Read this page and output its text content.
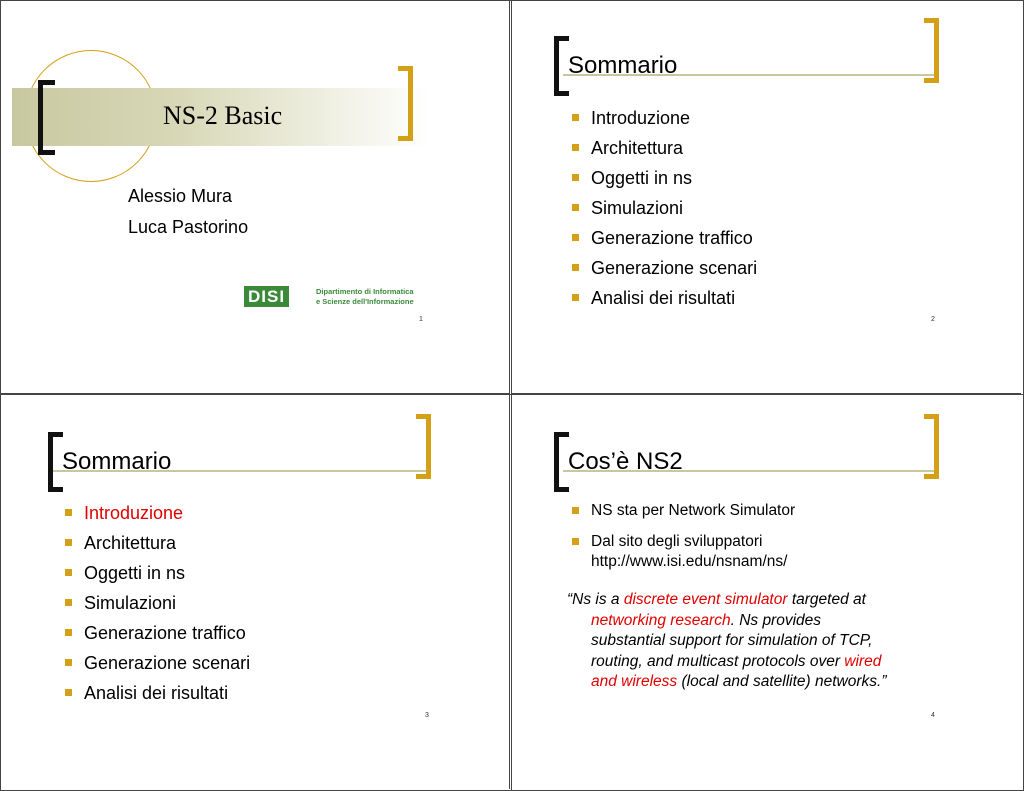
NS-2 Basic
Alessio Mura
Luca Pastorino
DISI	Dipartimento di Informatica
e Scienze dell'Informazione
1
Sommario
Introduzione
Architettura
Oggetti in ns
Simulazioni
Generazione traffico
Generazione scenari
Analisi dei risultati
2
Sommario
Introduzione
Architettura
Oggetti in ns
Simulazioni
Generazione traffico
Generazione scenari
Analisi dei risultati
3
Cos’è NS2
NS sta per Network Simulator
Dal sito degli sviluppatori
http://www.isi.edu/nsnam/ns/
“Ns is a discrete event simulator targeted at
networking research. Ns provides
substantial support for simulation of TCP,
routing, and multicast protocols over wired
and wireless (local and satellite) networks.”
4
